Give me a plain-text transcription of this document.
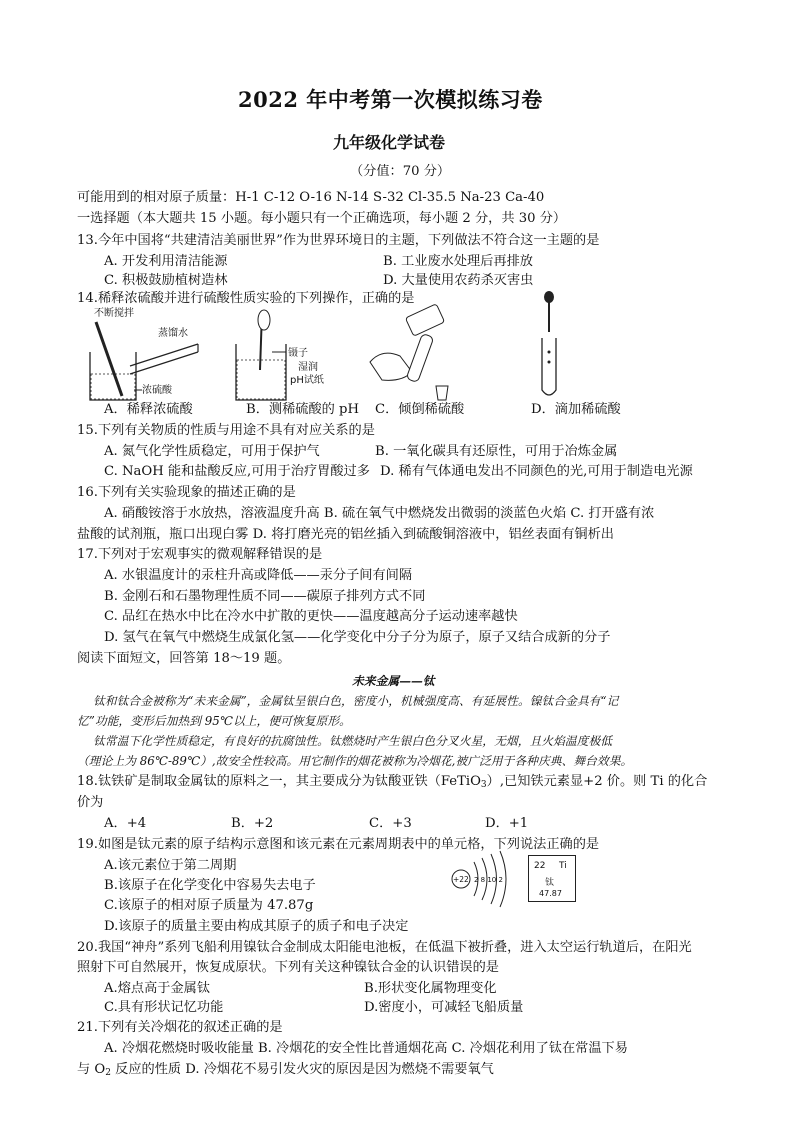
2022 年中考第一次模拟练习卷
九年级化学试卷
（分值：70 分）
可能用到的相对原子质量：H-1 C-12 O-16 N-14 S-32 Cl-35.5 Na-23 Ca-40
一选择题（本大题共 15 小题。每小题只有一个正确选项，每小题 2 分，共 30 分）
13.今年中国将“共建清洁美丽世界”作为世界环境日的主题，下列做法不符合这一主题的是
A. 开发利用清洁能源	B. 工业废水处理后再排放
C. 积极鼓励植树造林	D. 大量使用农药杀灭害虫
14.稀释浓硫酸并进行硫酸性质实验的下列操作，正确的是
不断搅拌
蒸馏水
浓硫酸
镊子
湿润
pH试纸
A．稀释浓硫酸	B．测稀硫酸的 pH C．倾倒稀硫酸	D．滴加稀硫酸
15.下列有关物质的性质与用途不具有对应关系的是
A. 氮气化学性质稳定，可用于保护气	B. 一氧化碳具有还原性，可用于冶炼金属
C. NaOH 能和盐酸反应,可用于治疗胃酸过多 D. 稀有气体通电发出不同颜色的光,可用于制造电光源
16.下列有关实验现象的描述正确的是
A. 硝酸铵溶于水放热，溶液温度升高 B. 硫在氧气中燃烧发出微弱的淡蓝色火焰 C. 打开盛有浓
盐酸的试剂瓶，瓶口出现白雾 D. 将打磨光亮的铝丝插入到硫酸铜溶液中，铝丝表面有铜析出
17.下列对于宏观事实的微观解释错误的是
A. 水银温度计的汞柱升高或降低——汞分子间有间隔
B. 金刚石和石墨物理性质不同——碳原子排列方式不同
C. 品红在热水中比在冷水中扩散的更快——温度越高分子运动速率越快
D. 氢气在氧气中燃烧生成氯化氢——化学变化中分子分为原子，原子又结合成新的分子
阅读下面短文，回答第 18～19 题。
未来金属——钛
钛和钛合金被称为“未来金属”，金属钛呈银白色，密度小，机械强度高、有延展性。镍钛合金具有“记
忆”功能，变形后加热到 95℃以上，便可恢复原形。
钛常温下化学性质稳定，有良好的抗腐蚀性。钛燃烧时产生银白色分叉火星，无烟，且火焰温度极低
（理论上为 86℃-89℃）,故安全性较高。用它制作的烟花被称为冷烟花,被广泛用于各种庆典、舞台效果。
18.钛铁矿是制取金属钛的原料之一，其主要成分为钛酸亚铁（FeTiO$_3$）,已知铁元素显+2 价。则 Ti 的化合
价为
A．+4	B．+2	C．+3	D．+1
19.如图是钛元素的原子结构示意图和该元素在元素周期表中的单元格，下列说法正确的是
A.该元素位于第二周期
B.该原子在化学变化中容易失去电子
C.该原子的相对原子质量为 47.87g
D.该原子的质量主要由构成其原子的质子和电子决定
+22 2 8 10 2
22 Ti
钛
47.87
20.我国“神舟”系列飞船利用镍钛合金制成太阳能电池板，在低温下被折叠，进入太空运行轨道后，在阳光
照射下可自然展开，恢复成原状。下列有关这种镍钛合金的认识错误的是
A.熔点高于金属钛	B.形状变化属物理变化
C.具有形状记忆功能	D.密度小，可减轻飞船质量
21.下列有关冷烟花的叙述正确的是
A. 冷烟花燃烧时吸收能量 B. 冷烟花的安全性比普通烟花高 C. 冷烟花利用了钛在常温下易
与 $O_2$ 反应的性质 D. 冷烟花不易引发火灾的原因是因为燃烧不需要氧气
